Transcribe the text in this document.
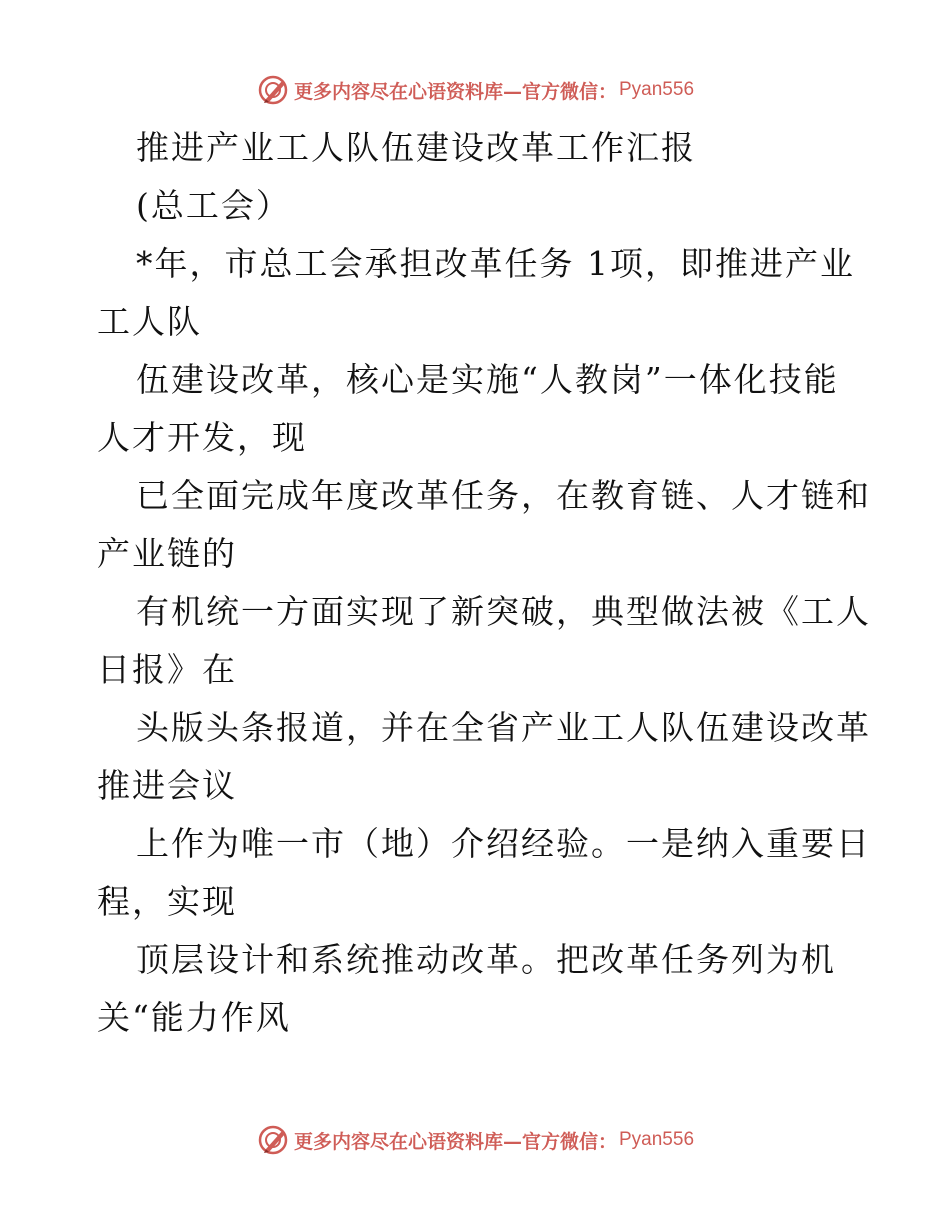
更多内容尽在心语资料库—官方微信： Pyan556
推进产业工人队伍建设改革工作汇报
(总工会）
*年，市总工会承担改革任务 1项，即推进产业
工人队
伍建设改革，核心是实施“人教岗”一体化技能
人才开发，现
已全面完成年度改革任务，在教育链、人才链和
产业链的
有机统一方面实现了新突破，典型做法被《工人
日报》在
头版头条报道，并在全省产业工人队伍建设改革
推进会议
上作为唯一市（地）介绍经验。一是纳入重要日
程，实现
顶层设计和系统推动改革。把改革任务列为机
关“能力作风
更多内容尽在心语资料库—官方微信： Pyan556
